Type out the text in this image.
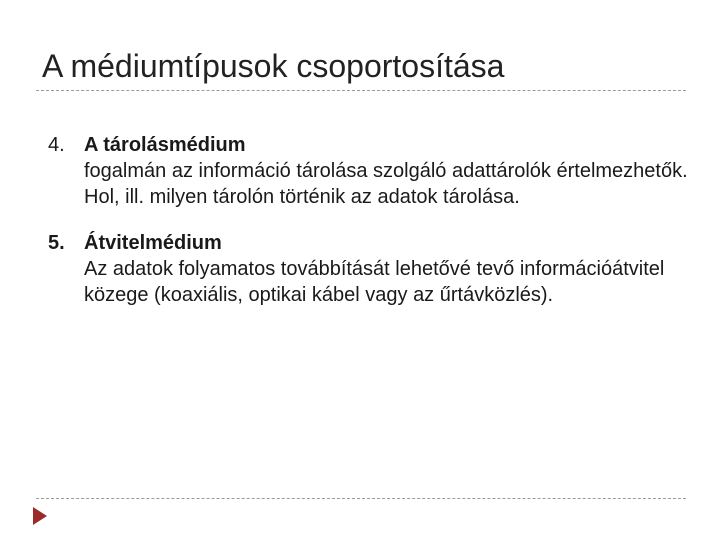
A médiumtípusok csoportosítása
4. A tárolásmédium
fogalmán az információ tárolása szolgáló adattárolók értelmezhetők. Hol, ill. milyen tárolón történik az adatok tárolása.
5. Átvitelmédium
Az adatok folyamatos továbbítását lehetővé tevő információátvitel közege (koaxiális, optikai kábel vagy az űrtávközlés).
